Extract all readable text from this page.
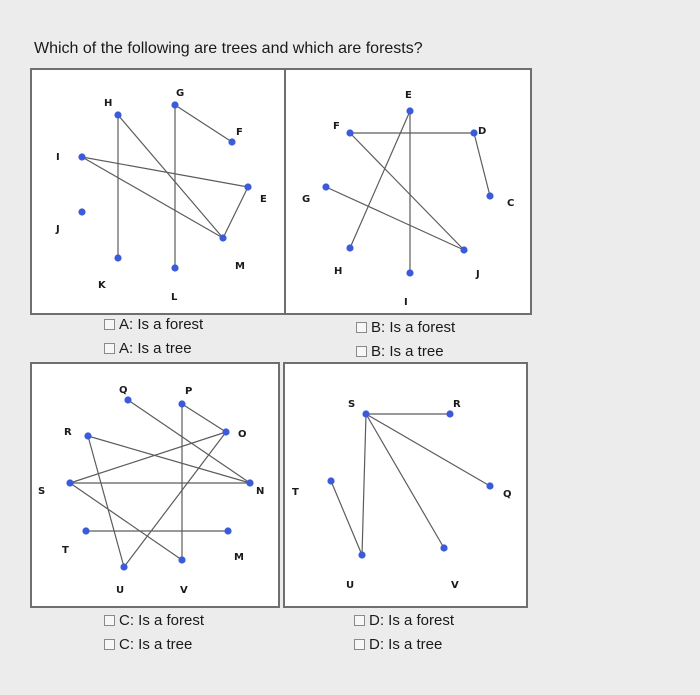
Which of the following are trees and which are forests?
H
G
F
I
J
E
K
M
L
E
F	D
G	C
H	J
I
Q	P
R	O
S	N
T
M
U	V
S	R
T	Q
U	V
A: Is a forest
A: Is a tree
B: Is a forest
B: Is a tree
C: Is a forest
C: Is a tree
D: Is a forest
D: Is a tree
